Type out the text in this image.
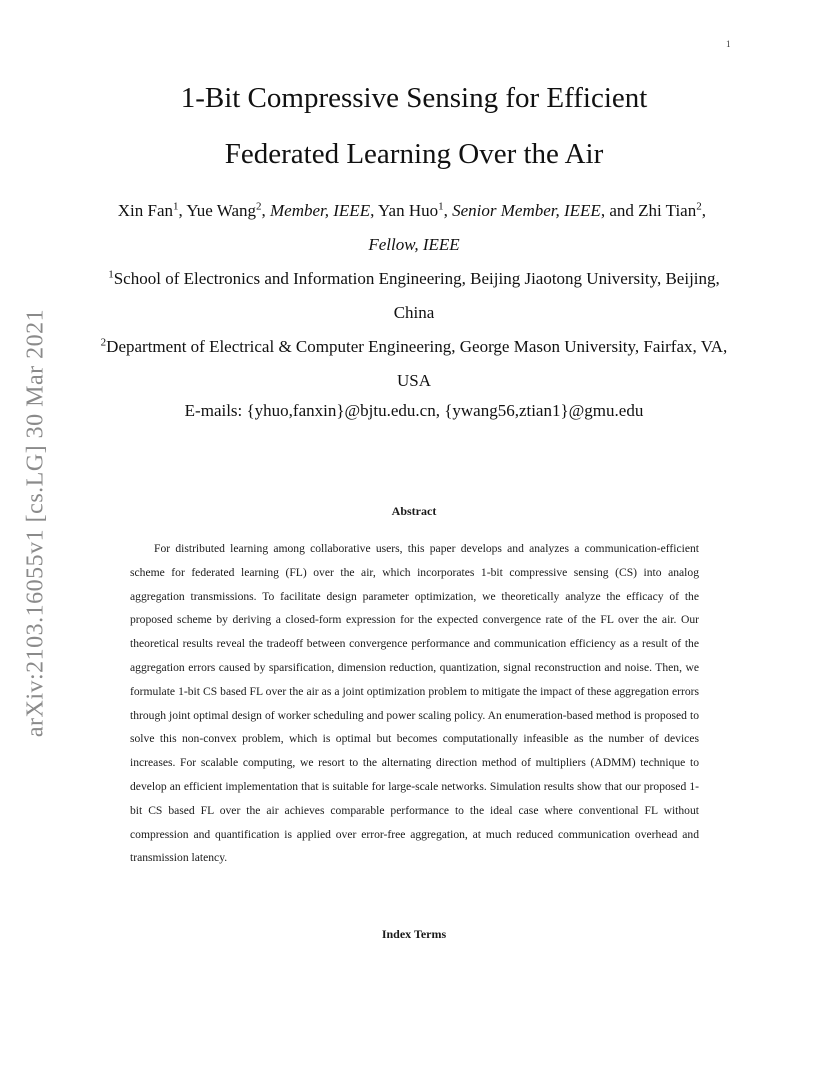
1
arXiv:2103.16055v1 [cs.LG] 30 Mar 2021
1-Bit Compressive Sensing for Efficient
Federated Learning Over the Air
Xin Fan$^1$, Yue Wang$^2$, Member, IEEE, Yan Huo$^1$, Senior Member, IEEE, and Zhi Tian$^2$,  Fellow, IEEE
$^1$School of Electronics and Information Engineering, Beijing Jiaotong University, Beijing, China
$^2$Department of Electrical & Computer Engineering, George Mason University, Fairfax, VA, USA
E-mails: {yhuo,fanxin}@bjtu.edu.cn, {ywang56,ztian1}@gmu.edu
Abstract

For distributed learning among collaborative users, this paper develops and analyzes a communication-efficient scheme for federated learning (FL) over the air, which incorporates 1-bit compressive sensing (CS) into analog aggregation transmissions. To facilitate design parameter optimization, we theoretically analyze the efficacy of the proposed scheme by deriving a closed-form expression for the expected convergence rate of the FL over the air. Our theoretical results reveal the tradeoff between convergence performance and communication efficiency as a result of the aggregation errors caused by sparsification, dimension reduction, quantization, signal reconstruction and noise. Then, we formulate 1-bit CS based FL over the air as a joint optimization problem to mitigate the impact of these aggregation errors through joint optimal design of worker scheduling and power scaling policy. An enumeration-based method is proposed to solve this non-convex problem, which is optimal but becomes computationally infeasible as the number of devices increases. For scalable computing, we resort to the alternating direction method of multipliers (ADMM) technique to develop an efficient implementation that is suitable for large-scale networks. Simulation results show that our proposed 1-bit CS based FL over the air achieves comparable performance to the ideal case where conventional FL without compression and quantification is applied over error-free aggregation, at much reduced communication overhead and transmission latency.

Index Terms
